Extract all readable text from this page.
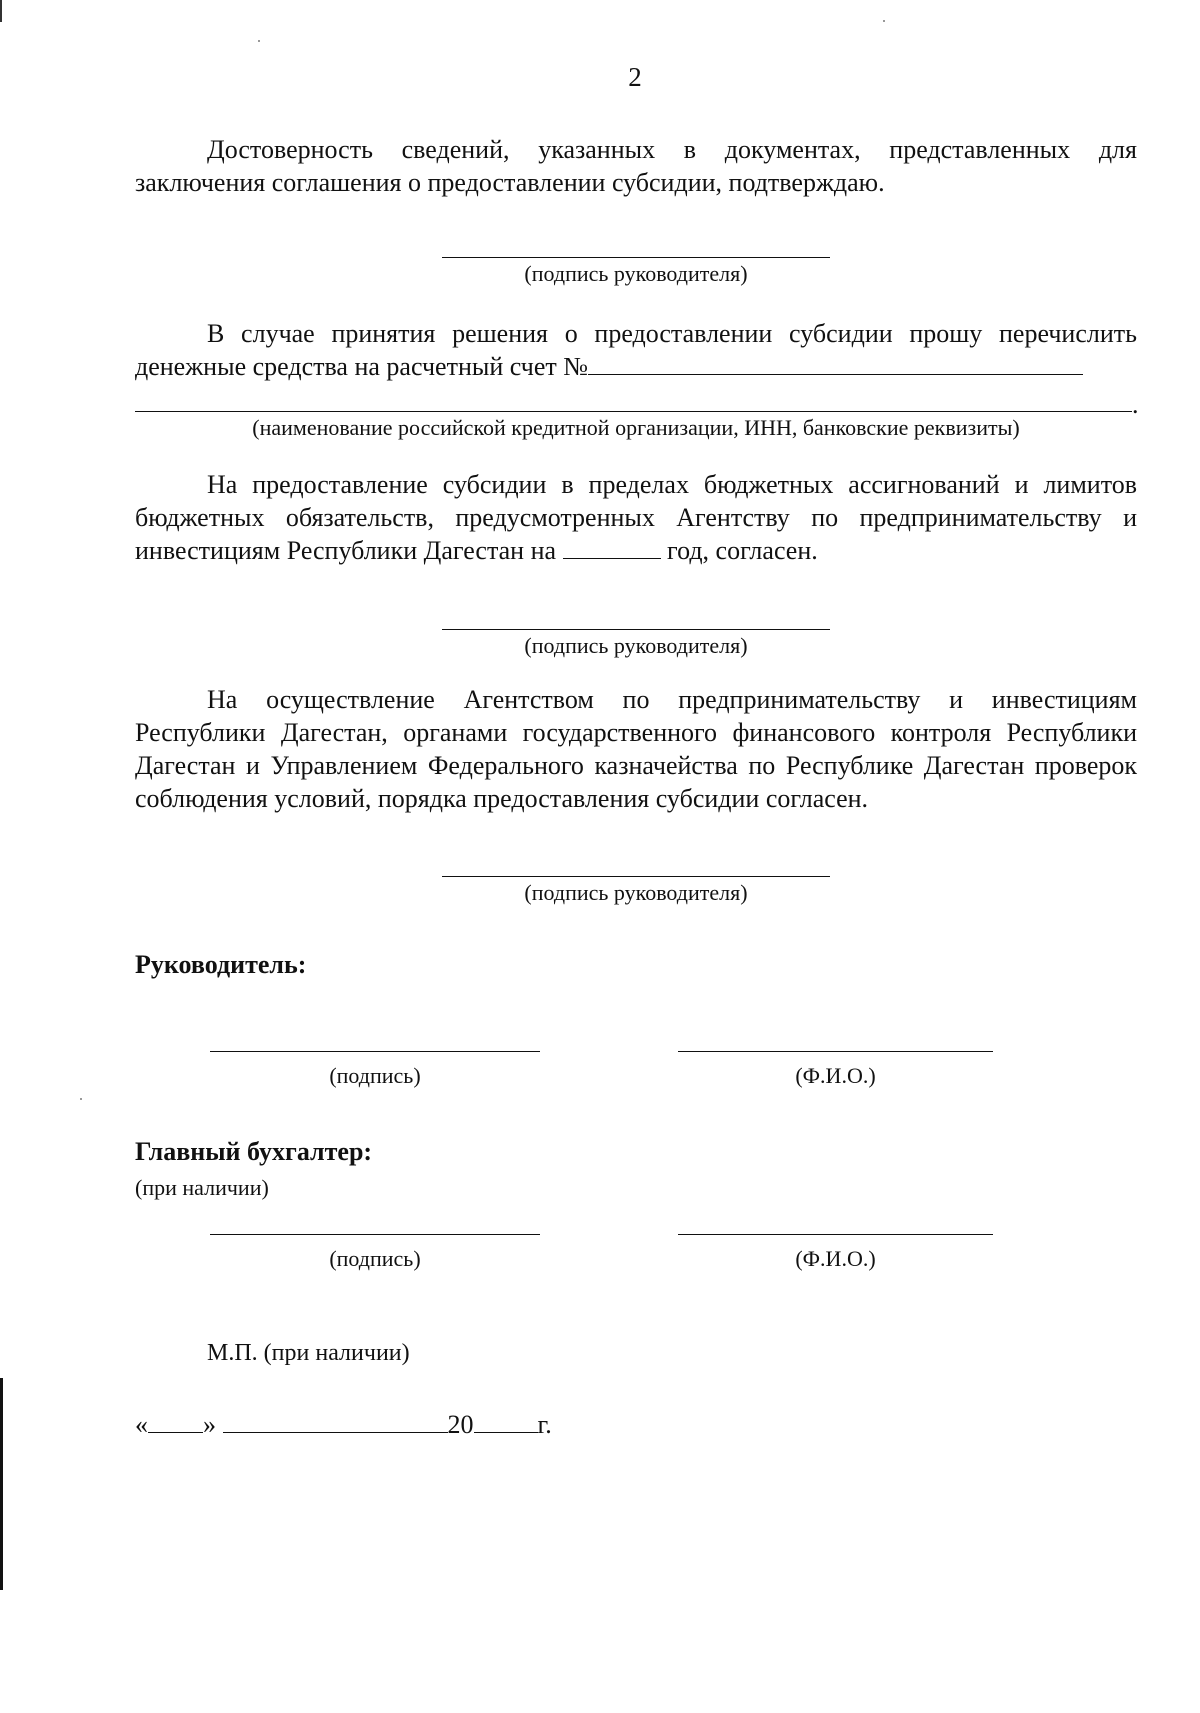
2

Достоверность сведений, указанных в документах, представленных для заключения соглашения о предоставлении субсидии, подтверждаю.

(подпись руководителя)

В случае принятия решения о предоставлении субсидии прошу перечислить денежные средства на расчетный счет №

.
(наименование российской кредитной организации, ИНН, банковские реквизиты)

На предоставление субсидии в пределах бюджетных ассигнований и лимитов бюджетных обязательств, предусмотренных Агентству по предпринимательству и инвестициям Республики Дагестан на	год, согласен.

(подпись руководителя)

На осуществление Агентством по предпринимательству и инвестициям Республики Дагестан, органами государственного финансового контроля Республики Дагестан и Управлением Федерального казначейства по Республике Дагестан проверок соблюдения условий, порядка предоставления субсидии согласен.

(подпись руководителя)
Руководитель:
(подпись)	(Ф.И.О.)
Главный бухгалтер:
(при наличии)
(подпись)	(Ф.И.О.)
М.П. (при наличии)
« »	20 г.
